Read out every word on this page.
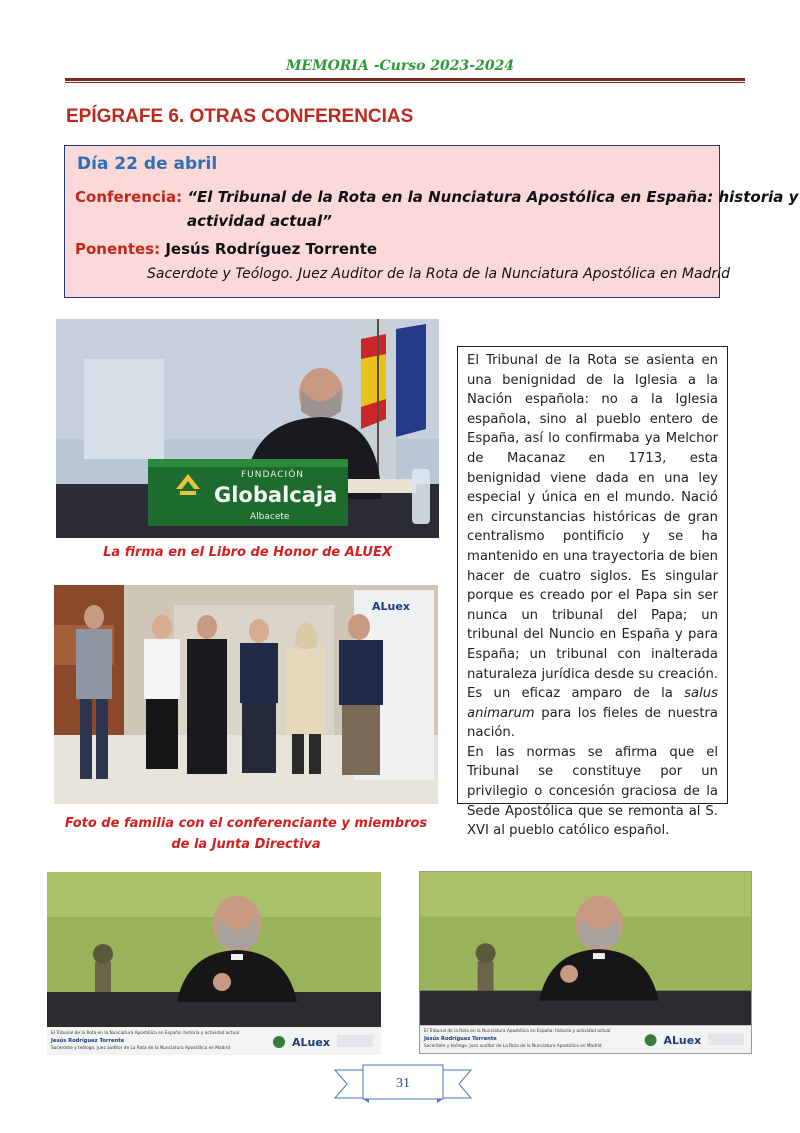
MEMORIA -Curso 2023-2024
EPÍGRAFE 6. OTRAS CONFERENCIAS
Día 22 de abril
Conferencia: “El Tribunal de la Rota en la Nunciatura Apostólica en España: historia y
actividad actual”
Ponentes: Jesús Rodríguez Torrente
Sacerdote y Teólogo. Juez Auditor de la Rota de la Nunciatura Apostólica en Madrid
FUNDACIÓN
Globalcaja
Albacete
La firma en el Libro de Honor de ALUEX
ALuex
Foto de familia con el conferenciante y miembros
de la Junta Directiva

El Tribunal de la Rota se asienta en una benignidad de la Iglesia a la Nación española: no a la Iglesia española, sino al pueblo entero de España, así lo confirmaba ya Melchor de Macanaz en 1713, esta benignidad viene dada en una ley especial y única en el mundo. Nació en circunstancias históricas de gran centralismo pontificio y se ha mantenido en una trayectoria de bien hacer de cuatro siglos. Es singular porque es creado por el Papa sin ser nunca un tribunal del Papa; un tribunal del Nuncio en España y para España; un tribunal con inalterada naturaleza jurídica desde su creación. Es un eficaz amparo de la salus animarum para los fieles de nuestra nación.

En las normas se afirma que el Tribunal se constituye por un privilegio o concesión graciosa de la Sede Apostólica que se remonta al S. XVI al pueblo católico español.

El Tribunal de la Rota en la Nunciatura Apostólica en España: historia y actividad actual
Jesús Rodríguez Torrente
Sacerdote y teólogo. Juez auditor de La Rota de la Nunciatura Apostólica en Madrid	ALuex
El Tribunal de la Rota en la Nunciatura Apostólica en España: historia y actividad actual
Jesús Rodríguez Torrente
Sacerdote y teólogo. Juez auditor de La Rota de la Nunciatura Apostólica en Madrid	ALuex
31
